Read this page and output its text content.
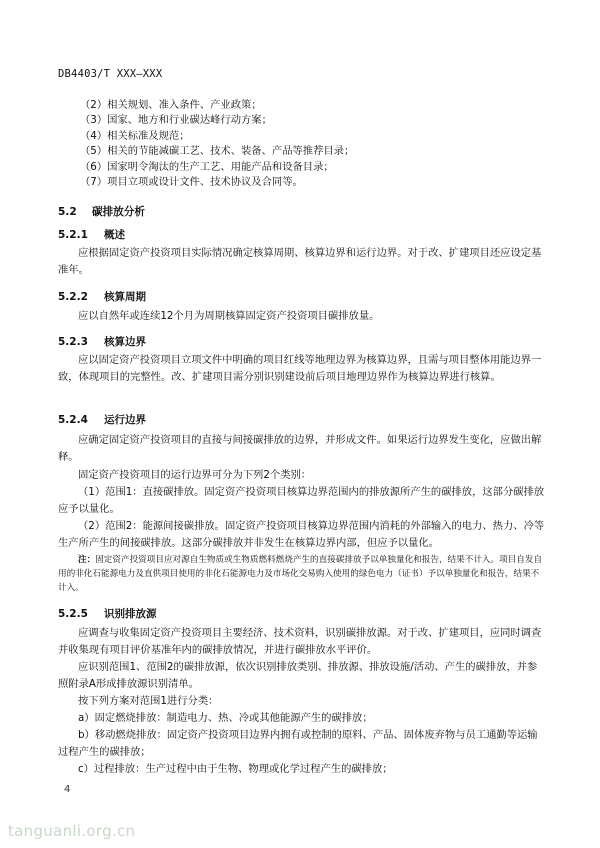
DB4403/T XXX—XXX
（2）相关规划、准入条件、产业政策；
（3）国家、地方和行业碳达峰行动方案；
（4）相关标准及规范；
（5）相关的节能减碳工艺、技术、装备、产品等推荐目录；
（6）国家明令淘汰的生产工艺、用能产品和设备目录；
（7）项目立项或设计文件、技术协议及合同等。
5.2 碳排放分析
5.2.1 概述
应根据固定资产投资项目实际情况确定核算周期、核算边界和运行边界。对于改、扩建项目还应设定基准年。
5.2.2 核算周期
应以自然年或连续12个月为周期核算固定资产投资项目碳排放量。
5.2.3 核算边界
应以固定资产投资项目立项文件中明确的项目红线等地理边界为核算边界，且需与项目整体用能边界一致，体现项目的完整性。改、扩建项目需分别识别建设前后项目地理边界作为核算边界进行核算。
5.2.4 运行边界
应确定固定资产投资项目的直接与间接碳排放的边界，并形成文件。如果运行边界发生变化，应做出解释。
固定资产投资项目的运行边界可分为下列2个类别：
（1）范围1：直接碳排放。固定资产投资项目核算边界范围内的排放源所产生的碳排放，这部分碳排放应予以量化。
（2）范围2：能源间接碳排放。固定资产投资项目核算边界范围内消耗的外部输入的电力、热力、冷等生产所产生的间接碳排放。这部分碳排放并非发生在核算边界内部，但应予以量化。
注：固定资产投资项目应对源自生物质或生物质燃料燃烧产生的直接碳排放予以单独量化和报告，结果不计入。项目自发自用的非化石能源电力及直供项目使用的非化石能源电力及市场化交易购入使用的绿色电力（证书）予以单独量化和报告，结果不计入。
5.2.5 识别排放源
应调查与收集固定资产投资项目主要经济、技术资料，识别碳排放源。对于改、扩建项目，应同时调查并收集现有项目评价基准年内的碳排放情况，并进行碳排放水平评价。
应识别范围1、范围2的碳排放源，依次识别排放类别、排放源、排放设施/活动、产生的碳排放，并参照附录A形成排放源识别清单。
按下列方案对范围1进行分类：
a）固定燃烧排放：制造电力、热、冷或其他能源产生的碳排放；
b）移动燃烧排放：固定资产投资项目边界内拥有或控制的原料、产品、固体废弃物与员工通勤等运输过程产生的碳排放；
c）过程排放：生产过程中由于生物、物理或化学过程产生的碳排放；
4
tanguanli.org.cn
